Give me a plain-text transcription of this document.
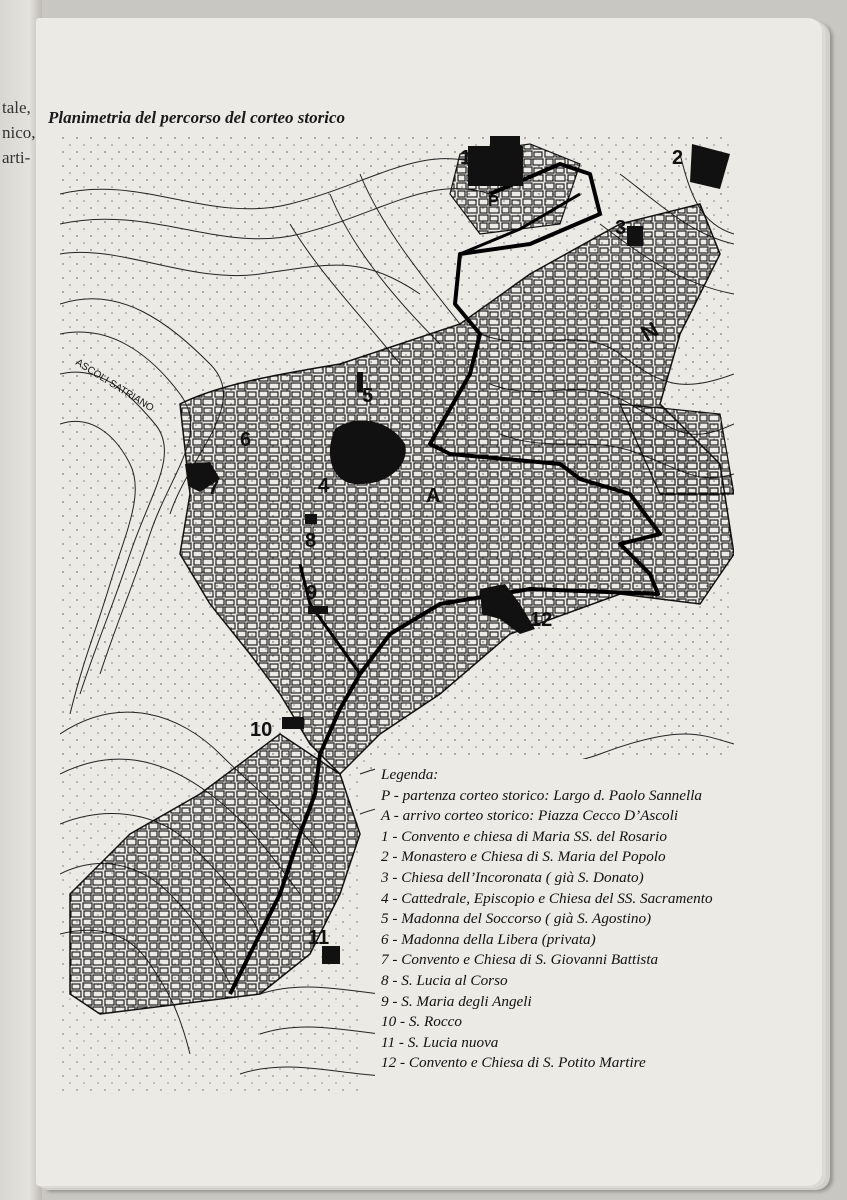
tale,
nico,
arti-
Planimetria del percorso del corteo storico
ASCOLI SATRIANO
1
P
2
3
N
5
6
7	4	A
8
9
12
10
11
Legenda:
P - partenza corteo storico: Largo d. Paolo Sannella
A - arrivo corteo storico: Piazza Cecco D’Ascoli
1 - Convento e chiesa di Maria SS. del Rosario
2 - Monastero e Chiesa di S. Maria del Popolo
3 - Chiesa dell’Incoronata ( già S. Donato)
4 - Cattedrale, Episcopio e Chiesa del SS. Sacramento
5 - Madonna del Soccorso ( già S. Agostino)
6 - Madonna della Libera (privata)
7 - Convento e Chiesa di S. Giovanni Battista
8 - S. Lucia al Corso
9 - S. Maria degli Angeli
10 - S. Rocco
11 - S. Lucia nuova
12 - Convento e Chiesa di S. Potito Martire
